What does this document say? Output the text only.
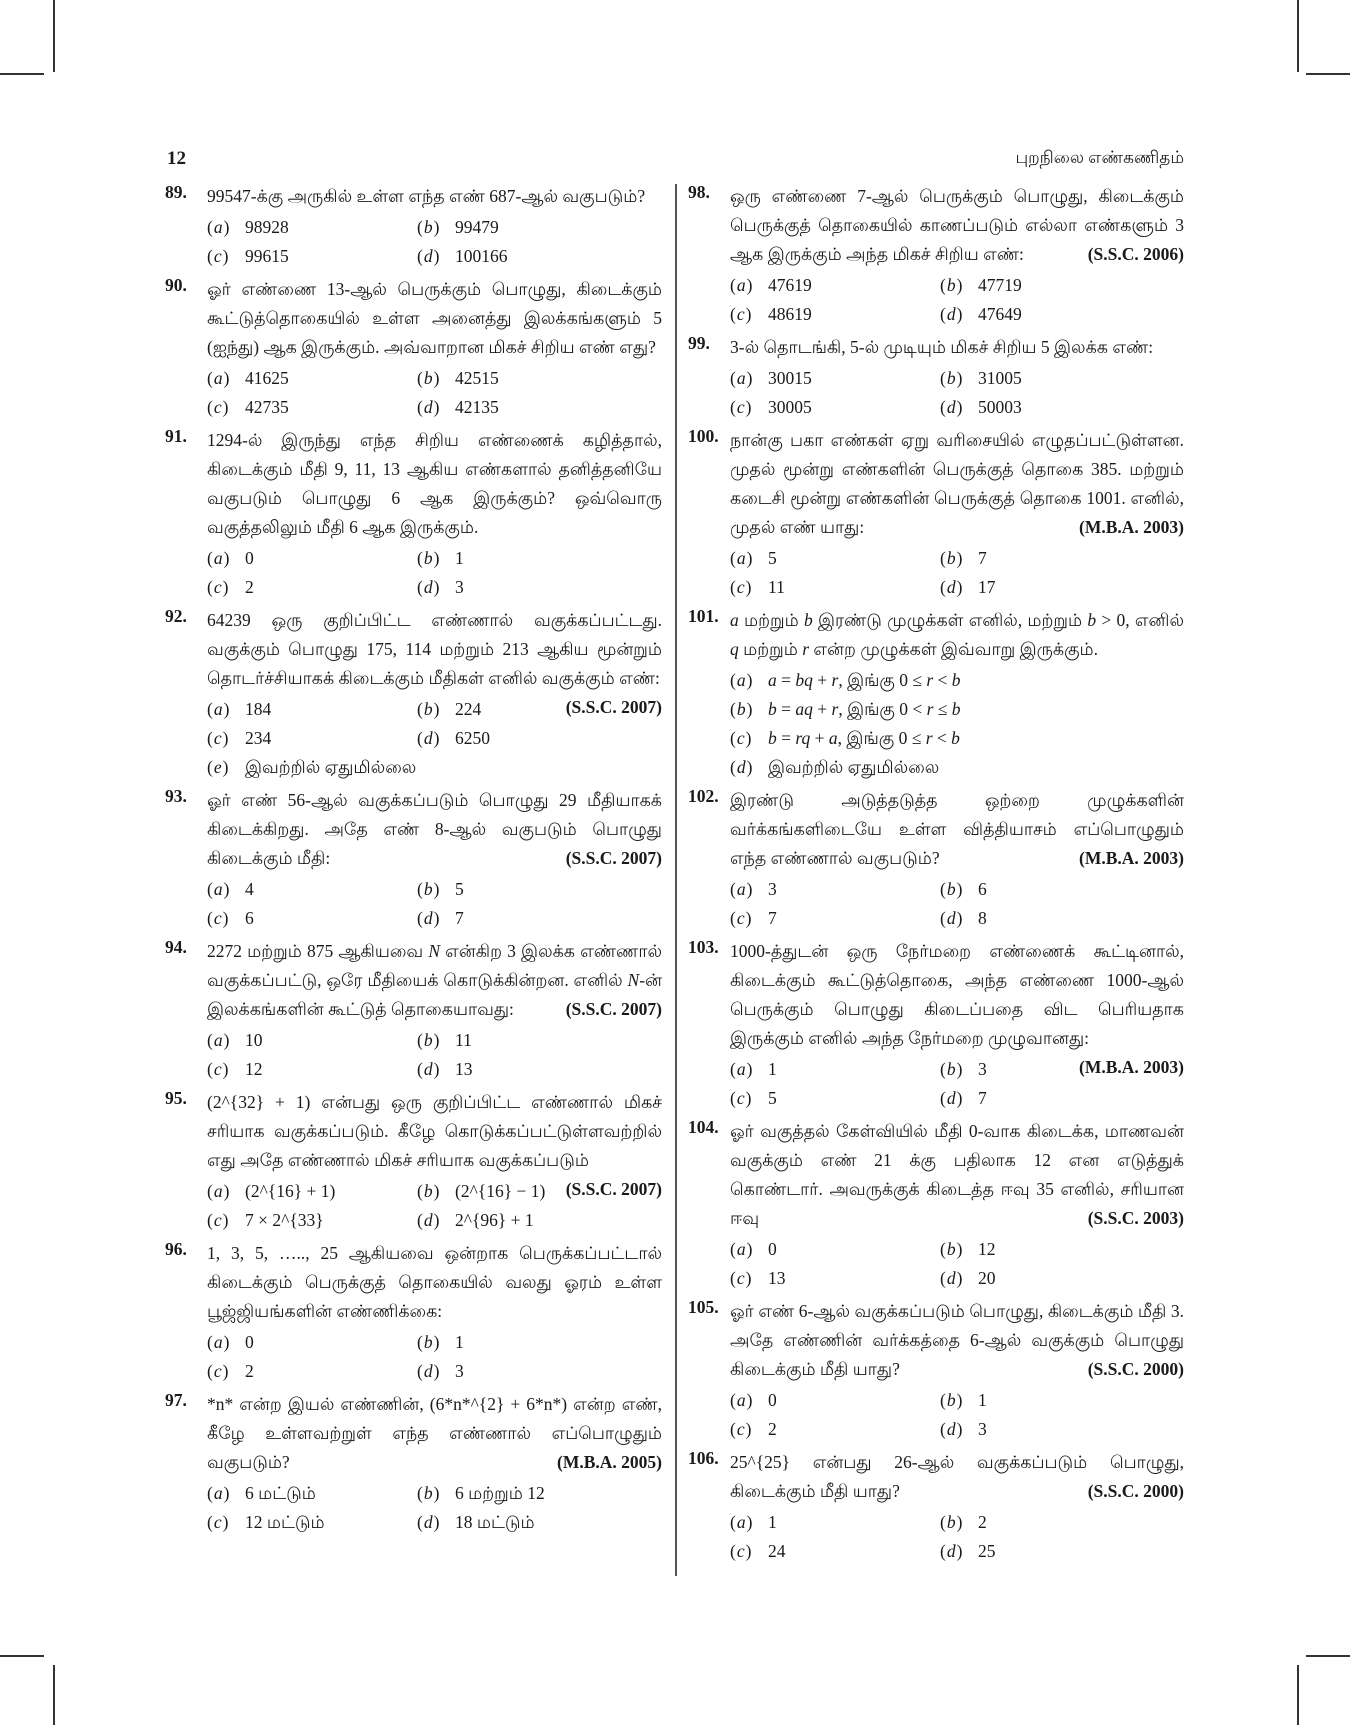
12	புறநிலை எண்கணிதம்
89. 99547-க்கு அருகில் உள்ள எந்த எண் 687-ஆல் வகுபடும்?
(a) 98928	(b) 99479
(c) 99615	(d) 100166
90. ஓர் எண்ணை 13-ஆல் பெருக்கும் பொழுது, கிடைக்கும் கூட்டுத்தொகையில் உள்ள அனைத்து இலக்கங்களும் 5 (ஐந்து) ஆக இருக்கும். அவ்வாறான மிகச் சிறிய எண் எது?
(a) 41625	(b) 42515
(c) 42735	(d) 42135
91. 1294-ல் இருந்து எந்த சிறிய எண்ணைக் கழித்தால், கிடைக்கும் மீதி 9, 11, 13 ஆகிய எண்களால் தனித்தனியே வகுபடும் பொழுது 6 ஆக இருக்கும்? ஒவ்வொரு வகுத்தலிலும் மீதி 6 ஆக இருக்கும்.
(a) 0	(b) 1
(c) 2	(d) 3
92. 64239 ஒரு குறிப்பிட்ட எண்ணால் வகுக்கப்பட்டது. வகுக்கும் பொழுது 175, 114 மற்றும் 213 ஆகிய மூன்றும் தொடர்ச்சியாகக் கிடைக்கும் மீதிகள் எனில் வகுக்கும் எண்:
(S.S.C. 2007)
(a) 184	(b) 224
(c) 234	(d) 6250
(e) இவற்றில் ஏதுமில்லை
93. ஓர் எண் 56-ஆல் வகுக்கப்படும் பொழுது 29 மீதியாகக் கிடைக்கிறது. அதே எண் 8-ஆல் வகுபடும் பொழுது கிடைக்கும் மீதி:	(S.S.C. 2007)
(a) 4	(b) 5
(c) 6	(d) 7
94. 2272 மற்றும் 875 ஆகியவை N என்கிற 3 இலக்க எண்ணால் வகுக்கப்பட்டு, ஒரே மீதியைக் கொடுக்கின்றன. எனில் N-ன் இலக்கங்களின் கூட்டுத் தொகையாவது:	(S.S.C. 2007)
(a) 10	(b) 11
(c) 12	(d) 13
95. (2^{32} + 1) என்பது ஒரு குறிப்பிட்ட எண்ணால் மிகச் சரியாக வகுக்கப்படும். கீழே கொடுக்கப்பட்டுள்ளவற்றில் எது அதே எண்ணால் மிகச் சரியாக வகுக்கப்படும்
(S.S.C. 2007)
(a) (2^{16} + 1)	(b) (2^{16} − 1)
(c) 7 × 2^{33}	(d) 2^{96} + 1
96. 1, 3, 5, ….., 25 ஆகியவை ஒன்றாக பெருக்கப்பட்டால் கிடைக்கும் பெருக்குத் தொகையில் வலது ஓரம் உள்ள பூஜ்ஜியங்களின் எண்ணிக்கை:
(a) 0	(b) 1
(c) 2	(d) 3
97. *n* என்ற இயல் எண்ணின், (6*n*^{2} + 6*n*) என்ற எண், கீழே உள்ளவற்றுள் எந்த எண்ணால் எப்பொழுதும் வகுபடும்?	(M.B.A. 2005)
(a) 6 மட்டும்	(b) 6 மற்றும் 12
(c) 12 மட்டும்	(d) 18 மட்டும்
98. ஒரு எண்ணை 7-ஆல் பெருக்கும் பொழுது, கிடைக்கும் பெருக்குத் தொகையில் காணப்படும் எல்லா எண்களும் 3 ஆக இருக்கும் அந்த மிகச் சிறிய எண்:	(S.S.C. 2006)
(a) 47619	(b) 47719
(c) 48619	(d) 47649
99. 3-ல் தொடங்கி, 5-ல் முடியும் மிகச் சிறிய 5 இலக்க எண்:
(a) 30015	(b) 31005
(c) 30005	(d) 50003
100. நான்கு பகா எண்கள் ஏறு வரிசையில் எழுதப்பட்டுள்ளன. முதல் மூன்று எண்களின் பெருக்குத் தொகை 385. மற்றும் கடைசி மூன்று எண்களின் பெருக்குத் தொகை 1001. எனில், முதல் எண் யாது:	(M.B.A. 2003)
(a) 5	(b) 7
(c) 11	(d) 17
101. a மற்றும் b இரண்டு முழுக்கள் எனில், மற்றும் b > 0, எனில் q மற்றும் r என்ற முழுக்கள் இவ்வாறு இருக்கும்.
(a) a = bq + r, இங்கு 0 ≤ r < b
(b) b = aq + r, இங்கு 0 < r ≤ b
(c) b = rq + a, இங்கு 0 ≤ r < b
(d) இவற்றில் ஏதுமில்லை
102. இரண்டு அடுத்தடுத்த ஒற்றை முழுக்களின் வர்க்கங்களிடையே உள்ள வித்தியாசம் எப்பொழுதும் எந்த எண்ணால் வகுபடும்?	(M.B.A. 2003)
(a) 3	(b) 6
(c) 7	(d) 8
103. 1000-த்துடன் ஒரு நேர்மறை எண்ணைக் கூட்டினால், கிடைக்கும் கூட்டுத்தொகை, அந்த எண்ணை 1000-ஆல் பெருக்கும் பொழுது கிடைப்பதை விட பெரியதாக இருக்கும் எனில் அந்த நேர்மறை முழுவானது:
(M.B.A. 2003)
(a) 1	(b) 3
(c) 5	(d) 7
104. ஓர் வகுத்தல் கேள்வியில் மீதி 0-வாக கிடைக்க, மாணவன் வகுக்கும் எண் 21 க்கு பதிலாக 12 என எடுத்துக் கொண்டார். அவருக்குக் கிடைத்த ஈவு 35 எனில், சரியான ஈவு	(S.S.C. 2003)
(a) 0	(b) 12
(c) 13	(d) 20
105. ஓர் எண் 6-ஆல் வகுக்கப்படும் பொழுது, கிடைக்கும் மீதி 3. அதே எண்ணின் வர்க்கத்தை 6-ஆல் வகுக்கும் பொழுது கிடைக்கும் மீதி யாது?	(S.S.C. 2000)
(a) 0	(b) 1
(c) 2	(d) 3
106. 25^{25} என்பது 26-ஆல் வகுக்கப்படும் பொழுது, கிடைக்கும் மீதி யாது?	(S.S.C. 2000)
(a) 1	(b) 2
(c) 24	(d) 25
